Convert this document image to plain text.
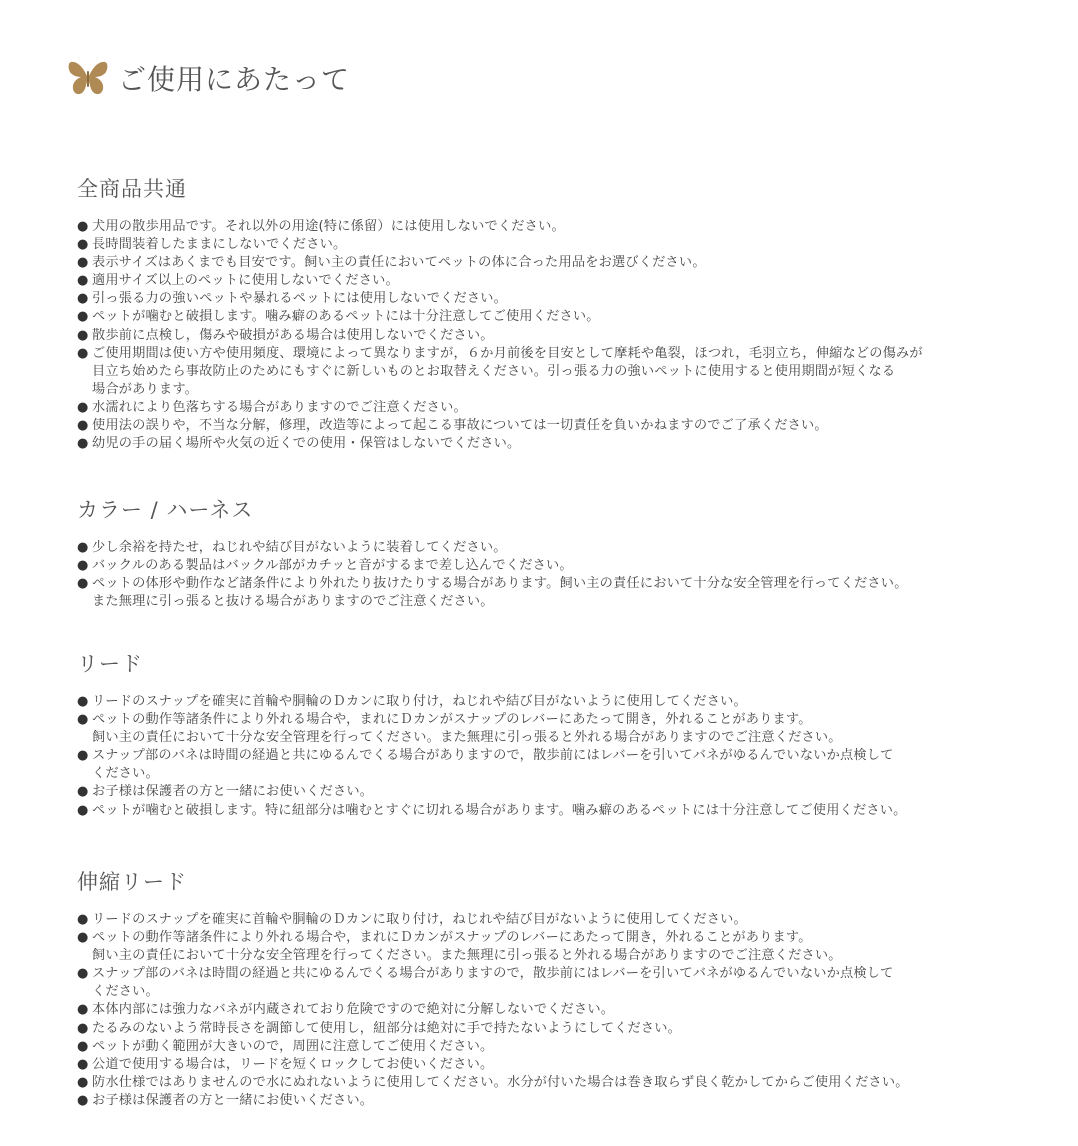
ご使用にあたって
全商品共通
● 犬用の散歩用品です。それ以外の用途(特に係留）には使用しないでください。
● 長時間装着したままにしないでください。
● 表示サイズはあくまでも目安です。飼い主の責任においてペットの体に合った用品をお選びください。
● 適用サイズ以上のペットに使用しないでください。
● 引っ張る力の強いペットや暴れるペットには使用しないでください。
● ペットが噛むと破損します。噛み癖のあるペットには十分注意してご使用ください。
● 散歩前に点検し，傷みや破損がある場合は使用しないでください。
● ご使用期間は使い方や使用頻度、環境によって異なりますが，６か月前後を目安として摩耗や亀裂，ほつれ，毛羽立ち，伸縮などの傷みが
目立ち始めたら事故防止のためにもすぐに新しいものとお取替えください。引っ張る力の強いペットに使用すると使用期間が短くなる
場合があります。
● 水濡れにより色落ちする場合がありますのでご注意ください。
● 使用法の誤りや，不当な分解，修理，改造等によって起こる事故については一切責任を負いかねますのでご了承ください。
● 幼児の手の届く場所や火気の近くでの使用・保管はしないでください。
カラー / ハーネス
● 少し余裕を持たせ，ねじれや結び目がないように装着してください。
● バックルのある製品はバックル部がカチッと音がするまで差し込んでください。
● ペットの体形や動作など諸条件により外れたり抜けたりする場合があります。飼い主の責任において十分な安全管理を行ってください。
また無理に引っ張ると抜ける場合がありますのでご注意ください。
リード
● リードのスナップを確実に首輪や胴輪のＤカンに取り付け，ねじれや結び目がないように使用してください。
● ペットの動作等諸条件により外れる場合や，まれにＤカンがスナップのレバーにあたって開き，外れることがあります。
飼い主の責任において十分な安全管理を行ってください。また無理に引っ張ると外れる場合がありますのでご注意ください。
● スナップ部のバネは時間の経過と共にゆるんでくる場合がありますので，散歩前にはレバーを引いてバネがゆるんでいないか点検して
ください。
● お子様は保護者の方と一緒にお使いください。
● ペットが噛むと破損します。特に紐部分は噛むとすぐに切れる場合があります。噛み癖のあるペットには十分注意してご使用ください。
伸縮リード
● リードのスナップを確実に首輪や胴輪のＤカンに取り付け，ねじれや結び目がないように使用してください。
● ペットの動作等諸条件により外れる場合や，まれにＤカンがスナップのレバーにあたって開き，外れることがあります。
飼い主の責任において十分な安全管理を行ってください。また無理に引っ張ると外れる場合がありますのでご注意ください。
● スナップ部のバネは時間の経過と共にゆるんでくる場合がありますので，散歩前にはレバーを引いてバネがゆるんでいないか点検して
ください。
● 本体内部には強力なバネが内蔵されており危険ですので絶対に分解しないでください。
● たるみのないよう常時長さを調節して使用し，紐部分は絶対に手で持たないようにしてください。
● ペットが動く範囲が大きいので，周囲に注意してご使用ください。
● 公道で使用する場合は，リードを短くロックしてお使いください。
● 防水仕様ではありませんので水にぬれないように使用してください。水分が付いた場合は巻き取らず良く乾かしてからご使用ください。
● お子様は保護者の方と一緒にお使いください。
